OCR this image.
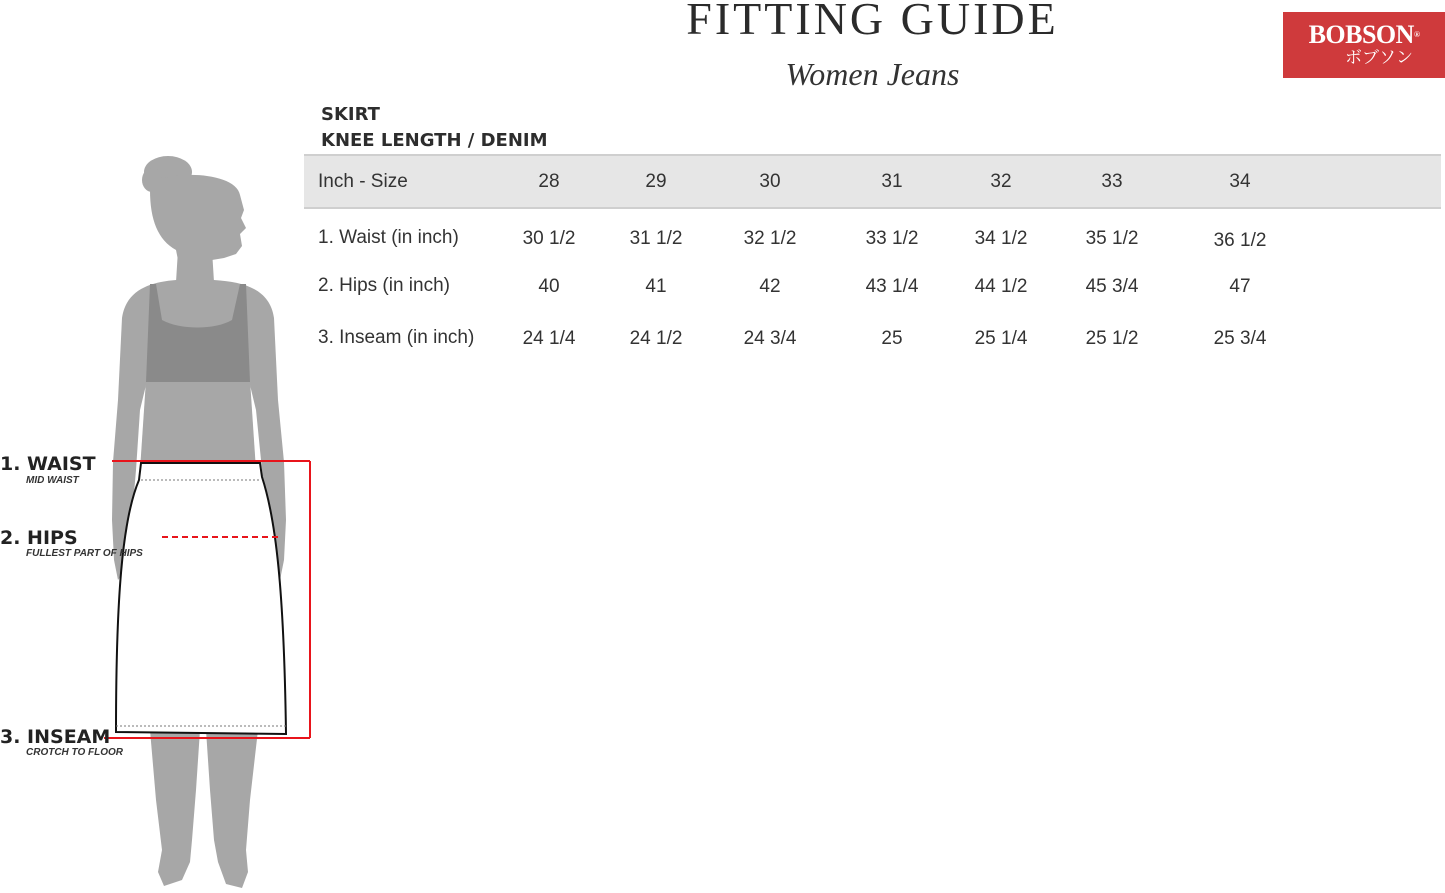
FITTING GUIDE
Women Jeans
BOBSON®
ボブソン
SKIRT
KNEE LENGTH / DENIM
Inch - Size	28	29	30	31	32	33	34
1. Waist (in inch)	30 1/2	31 1/2	32 1/2	33 1/2	34 1/2	35 1/2	36 1/2
2. Hips (in inch)	40	41	42	43 1/4	44 1/2	45 3/4	47
3. Inseam (in inch)	24 1/4	24 1/2	24 3/4	25	25 1/4	25 1/2	25 3/4
1. WAIST
MID WAIST
2. HIPS
FULLEST PART OF HIPS
3. INSEAM
CROTCH TO FLOOR
